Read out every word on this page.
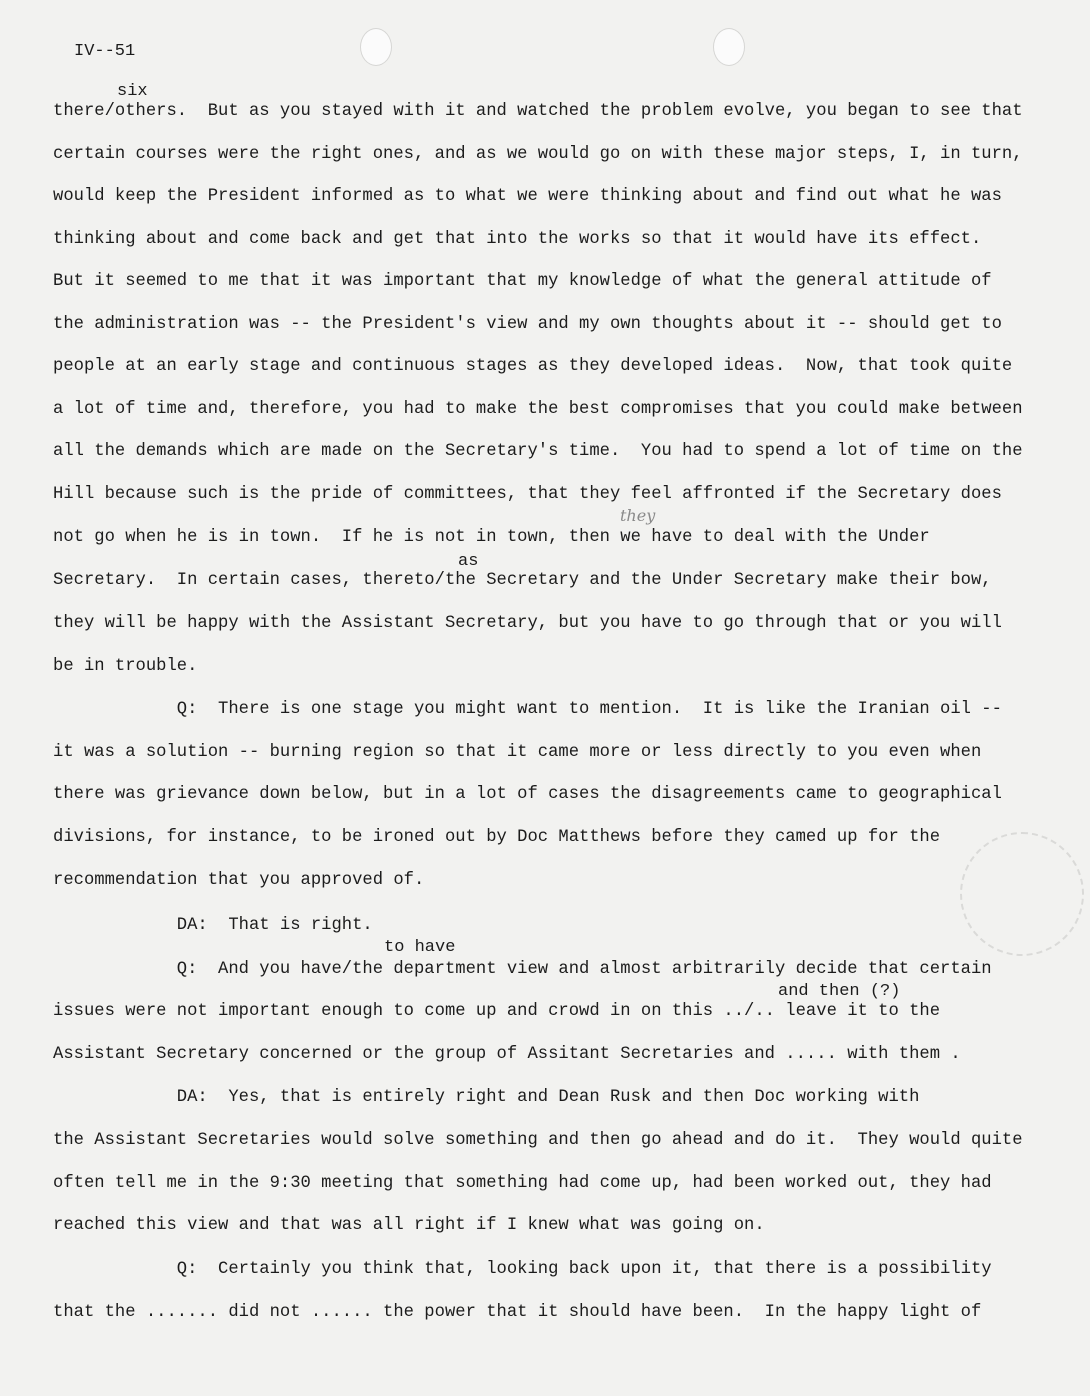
IV--51
six
they
as
to have
and then (?)
there/others.  But as you stayed with it and watched the problem evolve, you began to see that
certain courses were the right ones, and as we would go on with these major steps, I, in turn,
would keep the President informed as to what we were thinking about and find out what he was
thinking about and come back and get that into the works so that it would have its effect.
But it seemed to me that it was important that my knowledge of what the general attitude of
the administration was -- the President's view and my own thoughts about it -- should get to
people at an early stage and continuous stages as they developed ideas.  Now, that took quite
a lot of time and, therefore, you had to make the best compromises that you could make between
all the demands which are made on the Secretary's time.  You had to spend a lot of time on the
Hill because such is the pride of committees, that they feel affronted if the Secretary does
not go when he is in town.  If he is not in town, then we have to deal with the Under
Secretary.  In certain cases, thereto/the Secretary and the Under Secretary make their bow,
they will be happy with the Assistant Secretary, but you have to go through that or you will
be in trouble.
Q:  There is one stage you might want to mention.  It is like the Iranian oil --
it was a solution -- burning region so that it came more or less directly to you even when
there was grievance down below, but in a lot of cases the disagreements came to geographical
divisions, for instance, to be ironed out by Doc Matthews before they camed up for the
recommendation that you approved of.
DA:  That is right.
Q:  And you have/the department view and almost arbitrarily decide that certain
issues were not important enough to come up and crowd in on this ../.. leave it to the
Assistant Secretary concerned or the group of Assitant Secretaries and ..... with them .
DA:  Yes, that is entirely right and Dean Rusk and then Doc working with
the Assistant Secretaries would solve something and then go ahead and do it.  They would quite
often tell me in the 9:30 meeting that something had come up, had been worked out, they had
reached this view and that was all right if I knew what was going on.
Q:  Certainly you think that, looking back upon it, that there is a possibility
that the ....... did not ...... the power that it should have been.  In the happy light of
